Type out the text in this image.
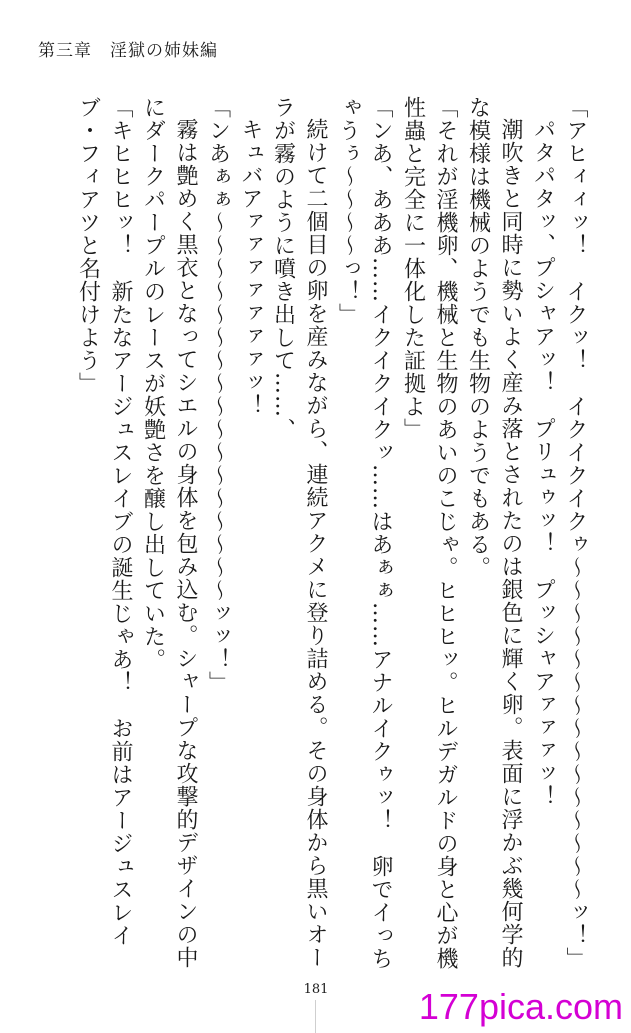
第三章　淫獄の姉妹編

「アヒィィッ！　イクッ！　イクイクイクゥ～～～～～～～～～～～～～～～ッ！」

パタパタッ、プシャアッ！　プリュゥッ！　プッシャアァァァッ！

潮吹きと同時に勢いよく産み落とされたのは銀色に輝く卵。表面に浮かぶ幾何学的な模様は機械のようでも生物のようでもある。

「それが淫機卵、機械と生物のあいのこじゃ。ヒヒヒッ。ヒルデガルドの身と心が機性蟲と完全に一体化した証拠よ」

「ンあ、あああ……イクイクイクッ……はあぁぁ……アナルイクゥッ！　卵でイっちゃうぅ～～～～っ！」

続けて二個目の卵を産みながら、連続アクメに登り詰める。その身体から黒いオーラが霧のように噴き出して……、

キュバアァァァァァァァッ！

「ンあぁぁ～～～～～～～～～～～～～～～～～ッッ！」

霧は艶めく黒衣となってシエルの身体を包み込む。シャープな攻撃的デザインの中にダークパープルのレースが妖艶さを醸し出していた。

「キヒヒヒッ！　新たなアージュスレイブの誕生じゃあ！　お前はアージュスレイブ・フィアツと名付けよう」

181	177pica.com
